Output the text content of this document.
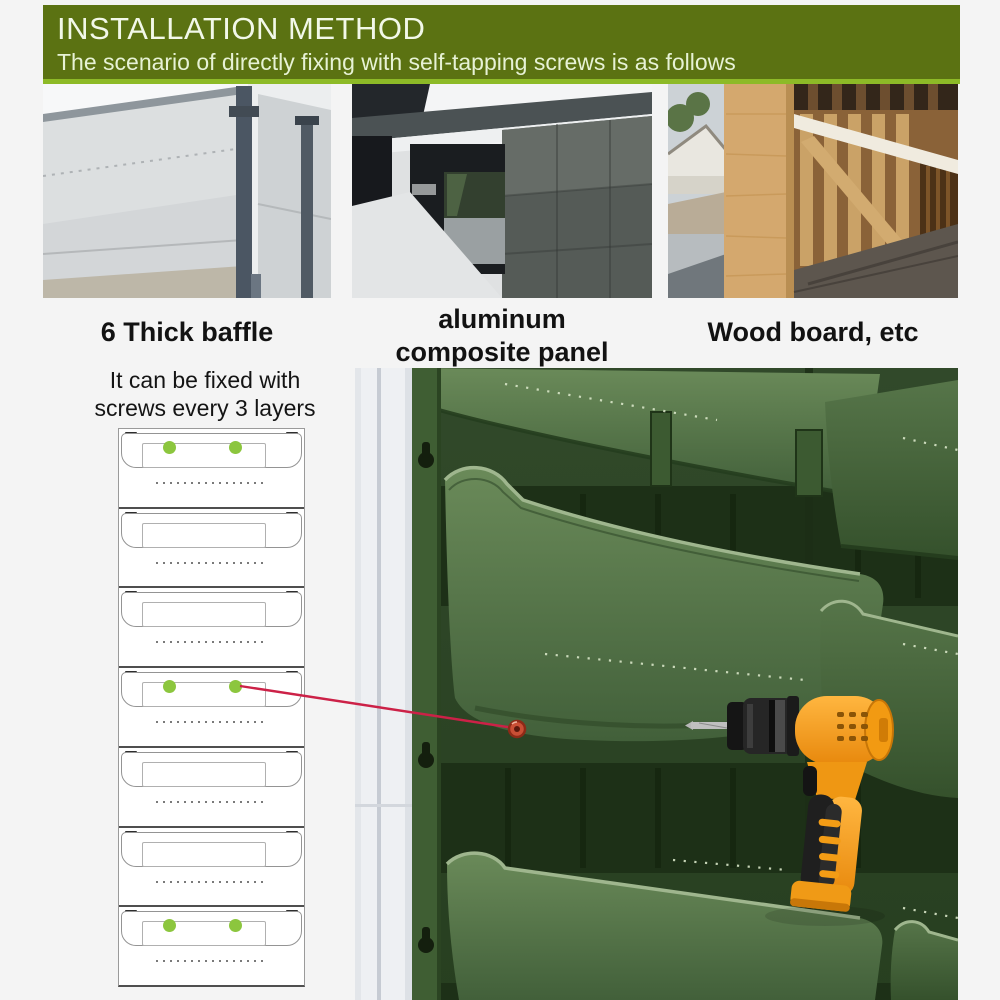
INSTALLATION METHOD
The scenario of directly fixing with self-tapping screws is as follows
6 Thick baffle	aluminum
composite panel
Wood board, etc
It can be fixed with
screws every 3 layers
